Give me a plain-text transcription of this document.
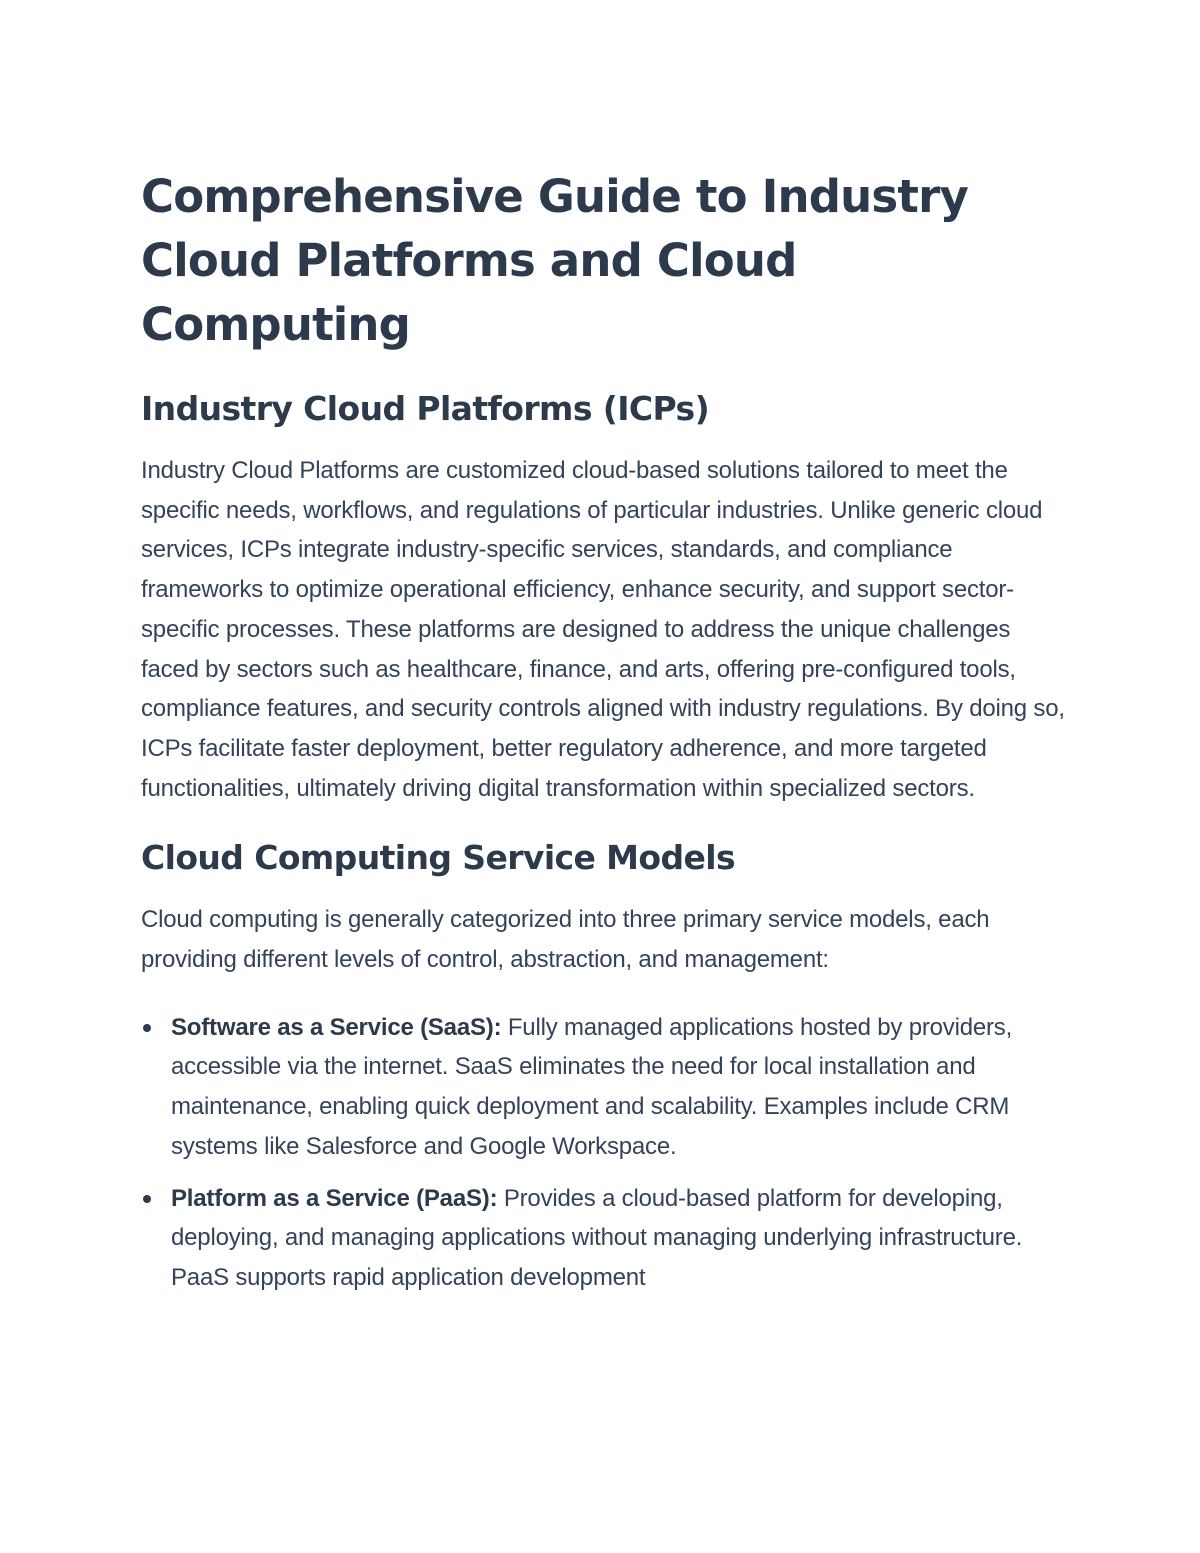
Comprehensive Guide to Industry Cloud Platforms and Cloud Computing
Industry Cloud Platforms (ICPs)

Industry Cloud Platforms are customized cloud-based solutions tailored to meet the specific needs, workflows, and regulations of particular industries. Unlike generic cloud services, ICPs integrate industry-specific services, standards, and compliance frameworks to optimize operational efficiency, enhance security, and support sector-specific processes. These platforms are designed to address the unique challenges faced by sectors such as healthcare, finance, and arts, offering pre-configured tools, compliance features, and security controls aligned with industry regulations. By doing so, ICPs facilitate faster deployment, better regulatory adherence, and more targeted functionalities, ultimately driving digital transformation within specialized sectors.

Cloud Computing Service Models

Cloud computing is generally categorized into three primary service models, each providing different levels of control, abstraction, and management:

Software as a Service (SaaS): Fully managed applications hosted by providers, accessible via the internet. SaaS eliminates the need for local installation and maintenance, enabling quick deployment and scalability. Examples include CRM systems like Salesforce and Google Workspace.
Platform as a Service (PaaS): Provides a cloud-based platform for developing, deploying, and managing applications without managing underlying infrastructure. PaaS supports rapid application development
